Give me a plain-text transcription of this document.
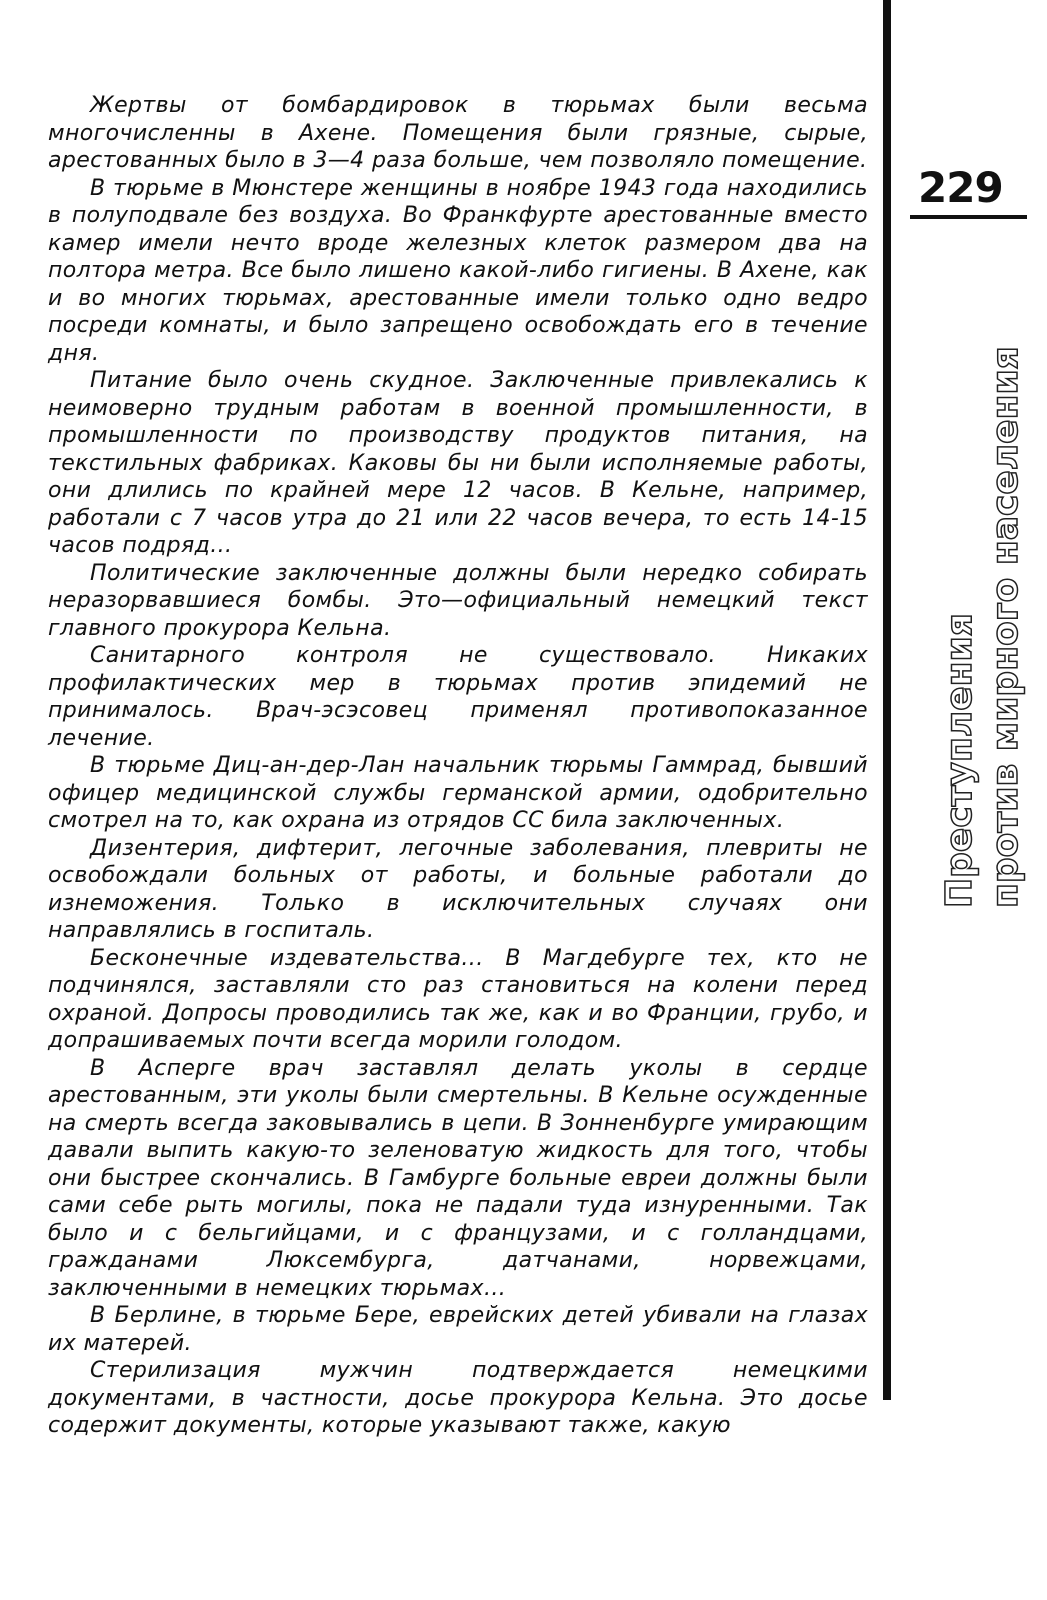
Жертвы от бомбардировок в тюрьмах были весьма многочисленны в Ахене. Помещения были грязные, сырые, арестованных было в 3—4 раза больше, чем позволяло помещение.

В тюрьме в Мюнстере женщины в ноябре 1943 года находились в полуподвале без воздуха. Во Франкфурте арестованные вместо камер имели нечто вроде железных клеток размером два на полтора метра. Все было лишено какой-либо гигиены. В Ахене, как и во многих тюрьмах, арестованные имели только одно ведро посреди комнаты, и было запрещено освобождать его в течение дня.

Питание было очень скудное. Заключенные привлекались к неимоверно трудным работам в военной промышленности, в промышленности по производству продуктов питания, на текстильных фабриках. Каковы бы ни были исполняемые работы, они длились по крайней мере 12 часов. В Кельне, например, работали с 7 часов утра до 21 или 22 часов вечера, то есть 14-15 часов подряд...

Политические заключенные должны были нередко собирать неразорвавшиеся бомбы. Это—официальный немецкий текст главного прокурора Кельна.

Санитарного контроля не существовало. Никаких профилактических мер в тюрьмах против эпидемий не принималось. Врач-эсэсовец применял противопоказанное лечение.

В тюрьме Диц-ан-дер-Лан начальник тюрьмы Гаммрад, бывший офицер медицинской службы германской армии, одобрительно смотрел на то, как охрана из отрядов СС била заключенных.

Дизентерия, дифтерит, легочные заболевания, плевриты не освобождали больных от работы, и больные работали до изнеможения. Только в исключительных случаях они направлялись в госпиталь.

Бесконечные издевательства... В Магдебурге тех, кто не подчинялся, заставляли сто раз становиться на колени перед охраной. Допросы проводились так же, как и во Франции, грубо, и допрашиваемых почти всегда морили голодом.

В Асперге врач заставлял делать уколы в сердце арестованным, эти уколы были смертельны. В Кельне осужденные на смерть всегда заковывались в цепи. В Зонненбурге умирающим давали выпить какую-то зеленоватую жидкость для того, чтобы они быстрее скончались. В Гамбурге больные евреи должны были сами себе рыть могилы, пока не падали туда изнуренными. Так было и с бельгийцами, и с французами, и с голландцами, гражданами Люксембурга, датчанами, норвежцами, заключенными в немецких тюрьмах...

В Берлине, в тюрьме Бере, еврейских детей убивали на глазах их матерей.

Стерилизация мужчин подтверждается немецкими документами, в частности, досье прокурора Кельна. Это досье содержит документы, которые указывают также, какую

229
Преступления против мирного населения
